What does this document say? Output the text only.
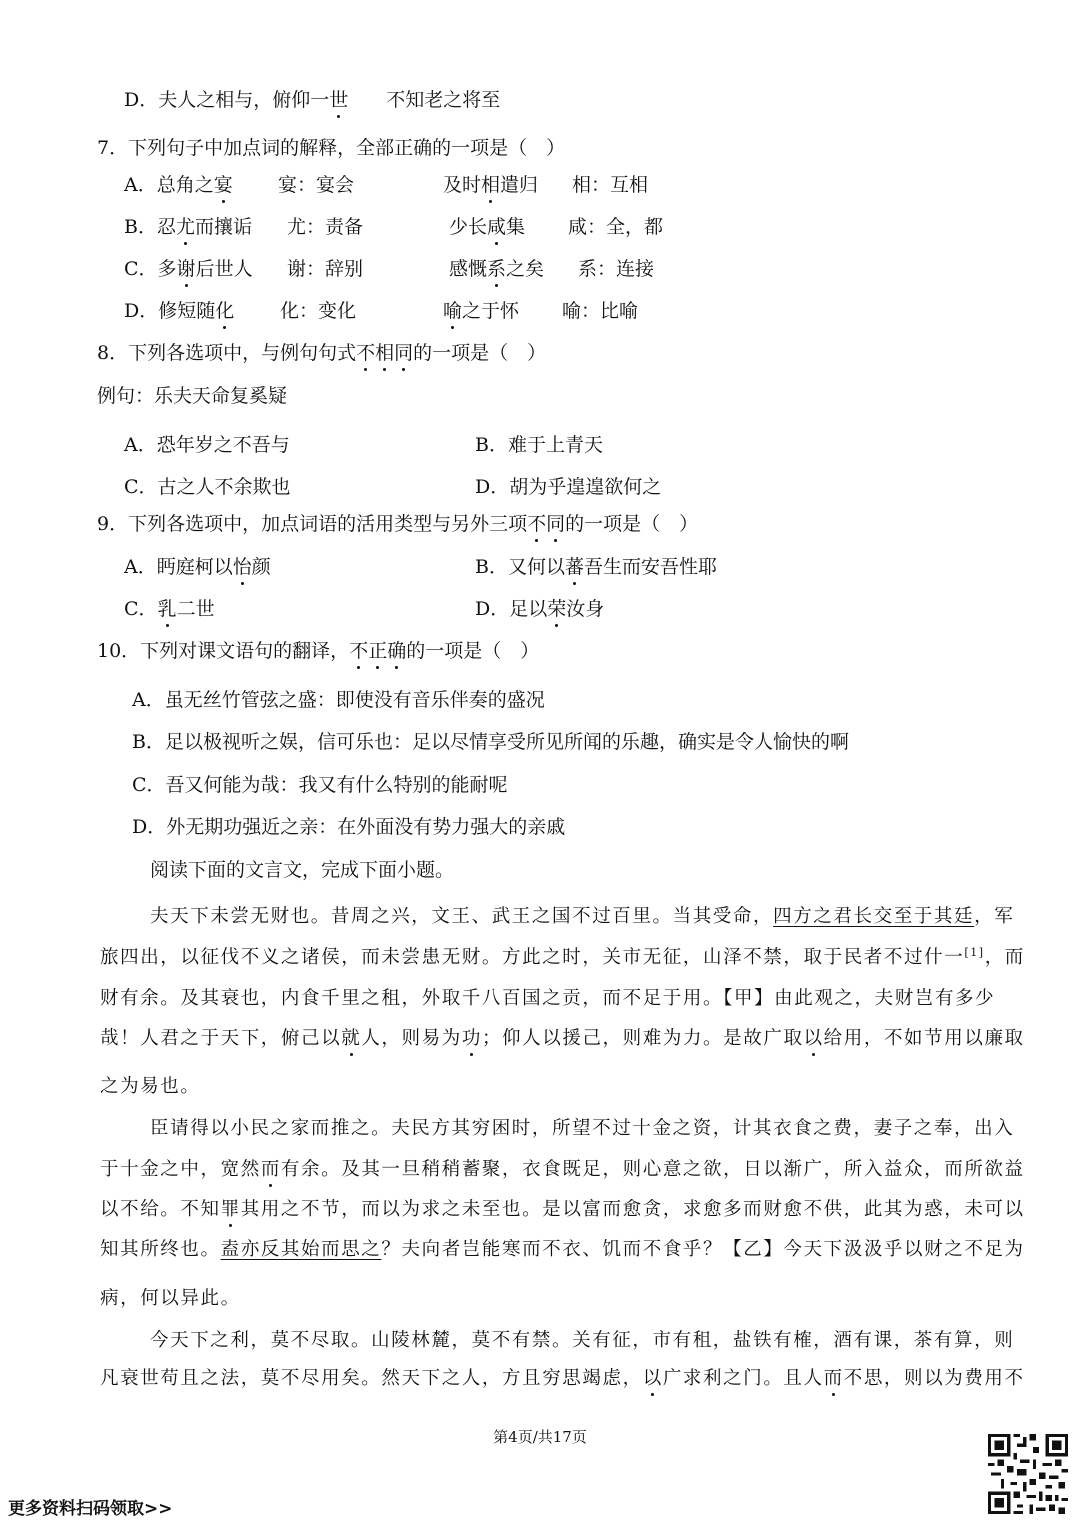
D．夫人之相与，俯仰一世　　不知老之将至
7．下列句子中加点词的解释，全部正确的一项是（　）
A．总角之宴 宴：宴会	及时相遣归 相：互相
B．忍尤而攘诟 尤：责备	少长咸集 咸：全，都
C．多谢后世人 谢：辞别	感慨系之矣 系：连接
D．修短随化 化：变化	喻之于怀 喻：比喻
8．下列各选项中，与例句句式不相同的一项是（　）
例句：乐夫天命复奚疑
A．恐年岁之不吾与	B．难于上青天
C．古之人不余欺也	D．胡为乎遑遑欲何之
9．下列各选项中，加点词语的活用类型与另外三项不同的一项是（　）
A．眄庭柯以怡颜	B．又何以蕃吾生而安吾性耶
C．乳二世	D．足以荣汝身
10．下列对课文语句的翻译，不正确的一项是（　）
A．虽无丝竹管弦之盛：即使没有音乐伴奏的盛况
B．足以极视听之娱，信可乐也：足以尽情享受所见所闻的乐趣，确实是令人愉快的啊
C．吾又何能为哉：我又有什么特别的能耐呢
D．外无期功强近之亲：在外面没有势力强大的亲戚
阅读下面的文言文，完成下面小题。
夫天下未尝无财也。昔周之兴，文王、武王之国不过百里。当其受命，四方之君长交至于其廷，军
旅四出，以征伐不义之诸侯，而未尝患无财。方此之时，关市无征，山泽不禁，取于民者不过什一[1]，而
财有余。及其衰也，内食千里之租，外取千八百国之贡，而不足于用。【甲】由此观之，夫财岂有多少
哉！人君之于天下，俯己以就人，则易为功；仰人以援己，则难为力。是故广取以给用，不如节用以廉取
之为易也。
臣请得以小民之家而推之。夫民方其穷困时，所望不过十金之资，计其衣食之费，妻子之奉，出入
于十金之中，宽然而有余。及其一旦稍稍蓄聚，衣食既足，则心意之欲，日以渐广，所入益众，而所欲益
以不给。不知罪其用之不节，而以为求之未至也。是以富而愈贪，求愈多而财愈不供，此其为惑，未可以
知其所终也。盍亦反其始而思之？夫向者岂能寒而不衣、饥而不食乎？【乙】今天下汲汲乎以财之不足为
病，何以异此。
今天下之利，莫不尽取。山陵林麓，莫不有禁。关有征，市有租，盐铁有榷，酒有课，茶有算，则
凡衰世苟且之法，莫不尽用矣。然天下之人，方且穷思竭虑，以广求利之门。且人而不思，则以为费用不
第4页/共17页
更多资料扫码领取>>
